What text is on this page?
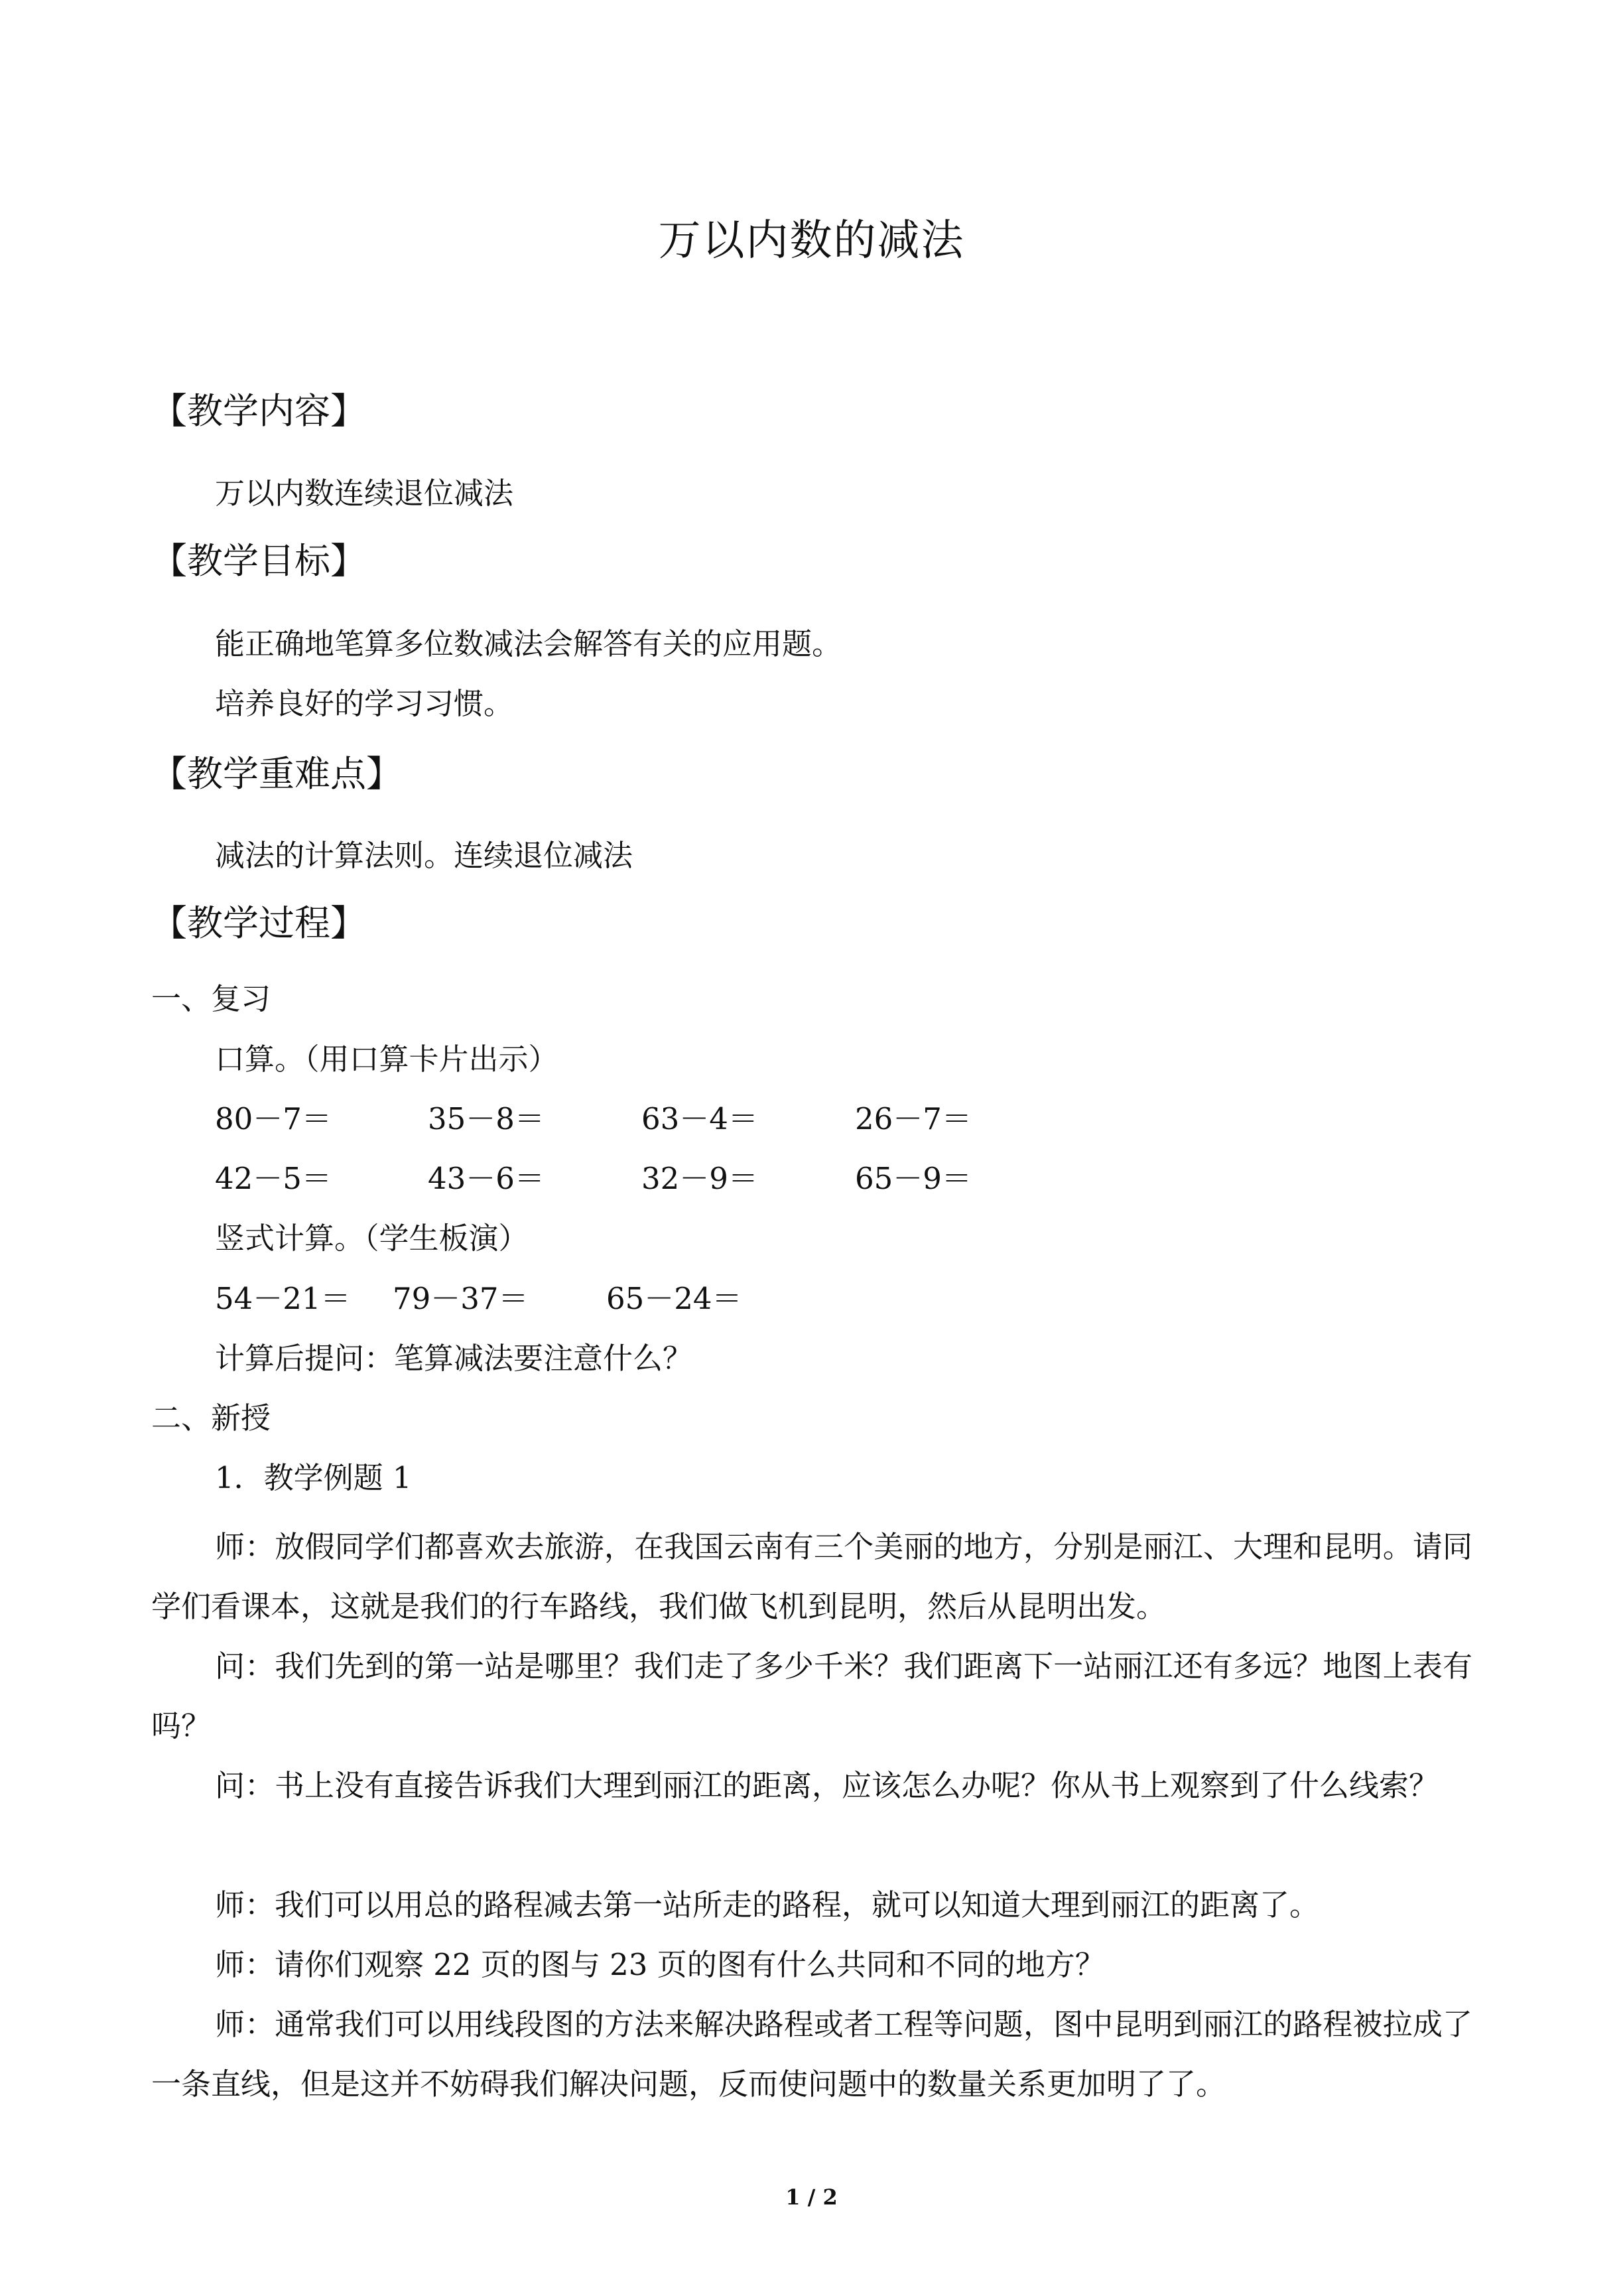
万以内数的减法
【教学内容】
万以内数连续退位减法
【教学目标】
能正确地笔算多位数减法会解答有关的应用题。
培养良好的学习习惯。
【教学重难点】
减法的计算法则。连续退位减法
【教学过程】
一、复习
口算。（用口算卡片出示）
80－7＝	35－8＝	63－4＝	26－7＝
42－5＝	43－6＝	32－9＝	65－9＝
竖式计算。（学生板演）
54－21＝ 79－37＝	65－24＝
计算后提问：笔算减法要注意什么？
二、新授
1．教学例题 1
师：放假同学们都喜欢去旅游，在我国云南有三个美丽的地方，分别是丽江、大理和昆明。请同学们看课本，这就是我们的行车路线，我们做飞机到昆明，然后从昆明出发。
问：我们先到的第一站是哪里？我们走了多少千米？我们距离下一站丽江还有多远？地图上表有吗？
问：书上没有直接告诉我们大理到丽江的距离，应该怎么办呢？你从书上观察到了什么线索？
师：我们可以用总的路程减去第一站所走的路程，就可以知道大理到丽江的距离了。
师：请你们观察 22 页的图与 23 页的图有什么共同和不同的地方？
师：通常我们可以用线段图的方法来解决路程或者工程等问题，图中昆明到丽江的路程被拉成了一条直线，但是这并不妨碍我们解决问题，反而使问题中的数量关系更加明了了。
1 / 2
